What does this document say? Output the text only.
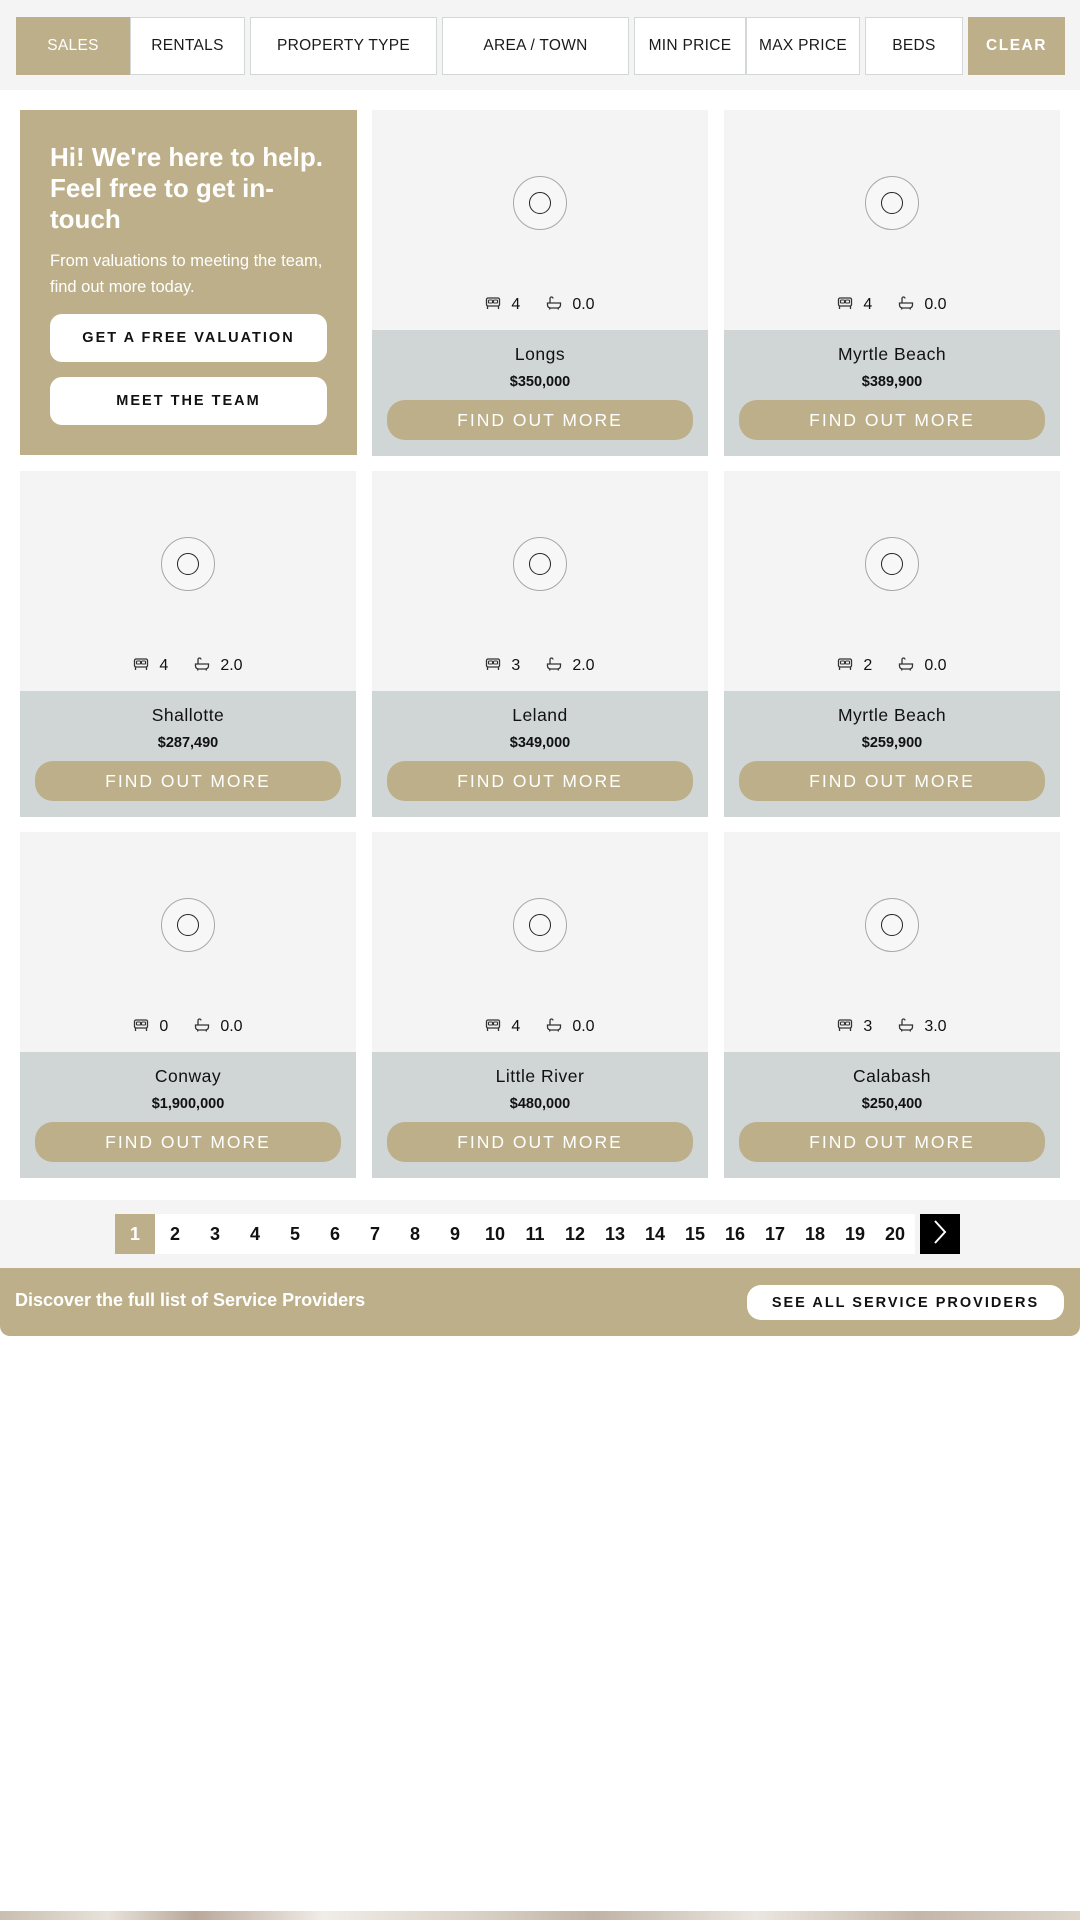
SALES	RENTALS	PROPERTY TYPE	AREA / TOWN	MIN PRICE	MAX PRICE	BEDS	CLEAR
Hi! We're here to help. Feel free to get in-touch

From valuations to meeting the team, find out more today.

GET A FREE VALUATION
MEET THE TEAM
4	0.0
Longs
$350,000
FIND OUT MORE
4	0.0
Myrtle Beach
$389,900
FIND OUT MORE
4	2.0
Shallotte
$287,490
FIND OUT MORE
3	2.0
Leland
$349,000
FIND OUT MORE
2	0.0
Myrtle Beach
$259,900
FIND OUT MORE
0	0.0
Conway
$1,900,000
FIND OUT MORE
4	0.0
Little River
$480,000
FIND OUT MORE
3	3.0
Calabash
$250,400
FIND OUT MORE
1	2	3	4	5	6	7	8	9	10	11	12	13	14	15	16	17	18	19	20
Discover the full list of Service Providers	SEE ALL SERVICE PROVIDERS
